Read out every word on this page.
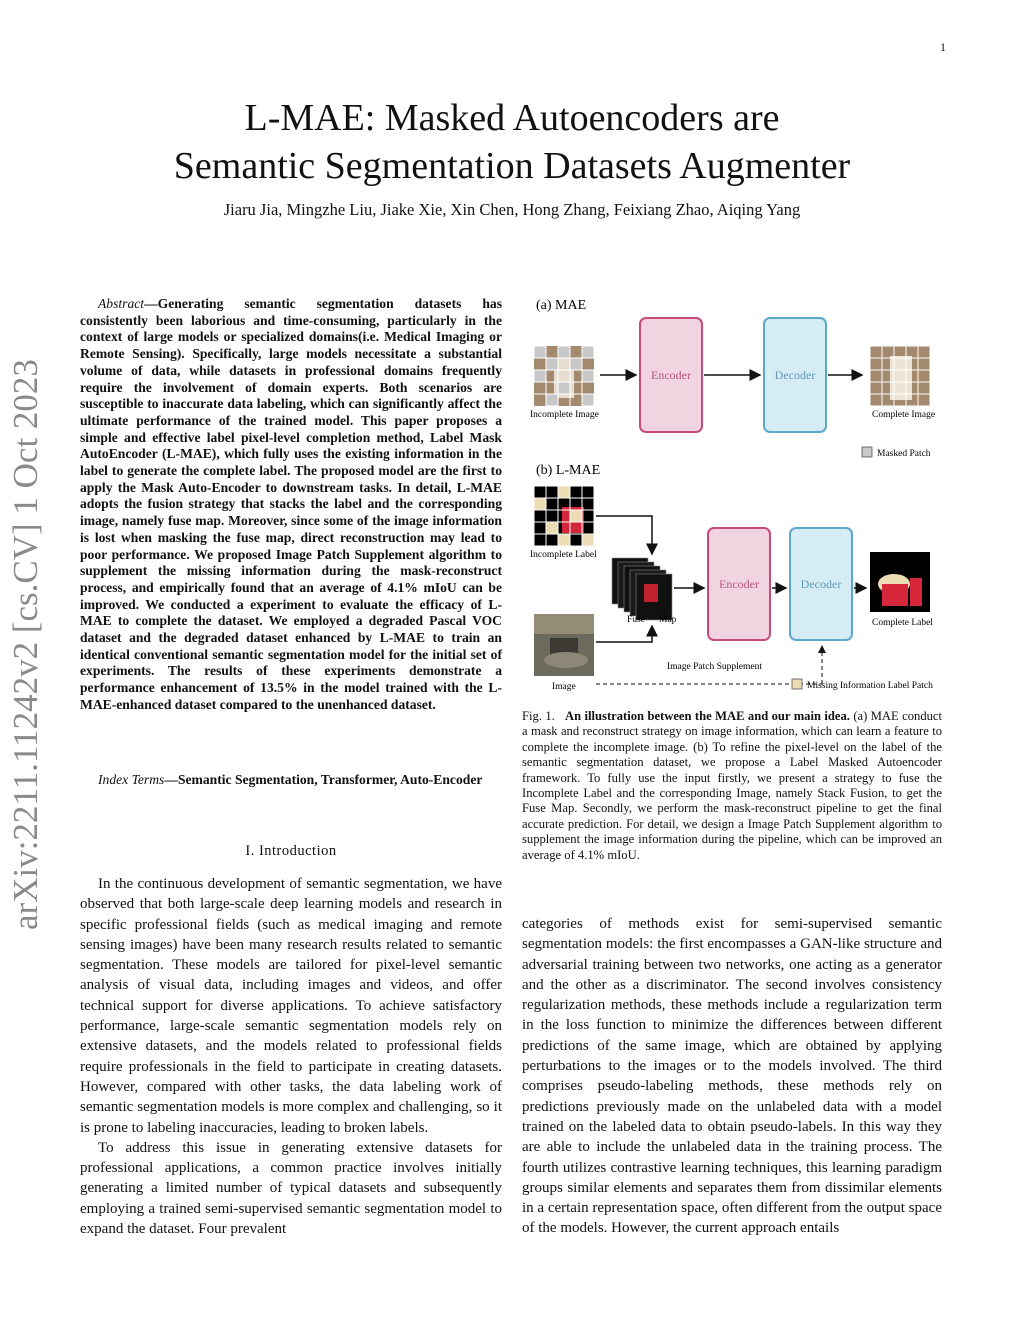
1
L-MAE: Masked Autoencoders are
Semantic Segmentation Datasets Augmenter
Jiaru Jia, Mingzhe Liu, Jiake Xie, Xin Chen, Hong Zhang, Feixiang Zhao, Aiqing Yang
arXiv:2211.11242v2 [cs.CV] 1 Oct 2023

Abstract—Generating semantic segmentation datasets has consistently been laborious and time-consuming, particularly in the context of large models or specialized domains(i.e. Medical Imaging or Remote Sensing). Specifically, large models necessitate a substantial volume of data, while datasets in professional domains frequently require the involvement of domain experts. Both scenarios are susceptible to inaccurate data labeling, which can significantly affect the ultimate performance of the trained model. This paper proposes a simple and effective label pixel-level completion method, Label Mask AutoEncoder (L-MAE), which fully uses the existing information in the label to generate the complete label. The proposed model are the first to apply the Mask Auto-Encoder to downstream tasks. In detail, L-MAE adopts the fusion strategy that stacks the label and the corresponding image, namely fuse map. Moreover, since some of the image information is lost when masking the fuse map, direct reconstruction may lead to poor performance. We proposed Image Patch Supplement algorithm to supplement the missing information during the mask-reconstruct process, and empirically found that an average of 4.1% mIoU can be improved. We conducted a experiment to evaluate the efficacy of L-MAE to complete the dataset. We employed a degraded Pascal VOC dataset and the degraded dataset enhanced by L-MAE to train an identical conventional semantic segmentation model for the initial set of experiments. The results of these experiments demonstrate a performance enhancement of 13.5% in the model trained with the L-MAE-enhanced dataset compared to the unenhanced dataset.

Index Terms—Semantic Segmentation, Transformer, Auto-Encoder

I. Introduction

In the continuous development of semantic segmentation, we have observed that both large-scale deep learning models and research in specific professional fields (such as medical imaging and remote sensing images) have been many research results related to semantic segmentation. These models are tailored for pixel-level semantic analysis of visual data, including images and videos, and offer technical support for diverse applications. To achieve satisfactory performance, large-scale semantic segmentation models rely on extensive datasets, and the models related to professional fields require professionals in the field to participate in creating datasets. However, compared with other tasks, the data labeling work of semantic segmentation models is more complex and challenging, so it is prone to labeling inaccuracies, leading to broken labels.

To address this issue in generating extensive datasets for professional applications, a common practice involves initially generating a limited number of typical datasets and subsequently employing a trained semi-supervised semantic segmentation model to expand the dataset. Four prevalent

(a) MAE
Incomplete Image
Encoder	Decoder
Complete Image
Masked Patch
(b) L-MAE
Incomplete Label
Fuse Map
Encoder	Decoder
Complete Label
Image
Image Patch Supplement
Missing Information Label Patch
Fig. 1. An illustration between the MAE and our main idea. (a) MAE conduct a mask and reconstruct strategy on image information, which can learn a feature to complete the incomplete image. (b) To refine the pixel-level on the label of the semantic segmentation dataset, we propose a Label Masked Autoencoder framework. To fully use the input firstly, we present a strategy to fuse the Incomplete Label and the corresponding Image, namely Stack Fusion, to get the Fuse Map. Secondly, we perform the mask-reconstruct pipeline to get the final accurate prediction. For detail, we design a Image Patch Supplement algorithm to supplement the image information during the pipeline, which can be improved an average of 4.1% mIoU.

categories of methods exist for semi-supervised semantic segmentation models: the first encompasses a GAN-like structure and adversarial training between two networks, one acting as a generator and the other as a discriminator. The second involves consistency regularization methods, these methods include a regularization term in the loss function to minimize the differences between different predictions of the same image, which are obtained by applying perturbations to the images or to the models involved. The third comprises pseudo-labeling methods, these methods rely on predictions previously made on the unlabeled data with a model trained on the labeled data to obtain pseudo-labels. In this way they are able to include the unlabeled data in the training process. The fourth utilizes contrastive learning techniques, this learning paradigm groups similar elements and separates them from dissimilar elements in a certain representation space, often different from the output space of the models. However, the current approach entails
